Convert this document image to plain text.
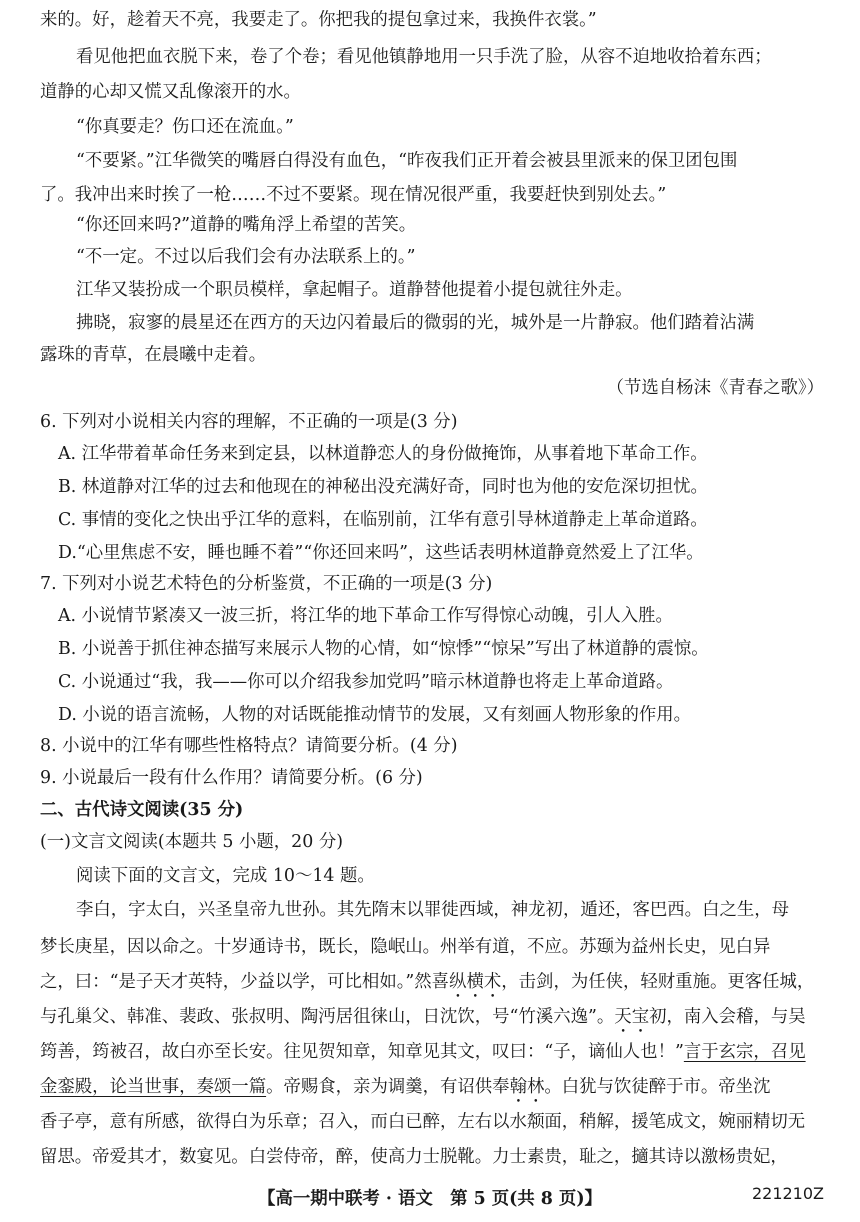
来的。好，趁着天不亮，我要走了。你把我的提包拿过来，我换件衣裳。”
看见他把血衣脱下来，卷了个卷；看见他镇静地用一只手洗了脸，从容不迫地收拾着东西；
道静的心却又慌又乱像滚开的水。
“你真要走？伤口还在流血。”
“不要紧。”江华微笑的嘴唇白得没有血色，“昨夜我们正开着会被县里派来的保卫团包围
了。我冲出来时挨了一枪……不过不要紧。现在情况很严重，我要赶快到别处去。”
“你还回来吗?”道静的嘴角浮上希望的苦笑。
“不一定。不过以后我们会有办法联系上的。”
江华又装扮成一个职员模样，拿起帽子。道静替他提着小提包就往外走。
拂晓，寂寥的晨星还在西方的天边闪着最后的微弱的光，城外是一片静寂。他们踏着沾满
露珠的青草，在晨曦中走着。
（节选自杨沫《青春之歌》）
6. 下列对小说相关内容的理解，不正确的一项是(3 分)
A. 江华带着革命任务来到定县，以林道静恋人的身份做掩饰，从事着地下革命工作。
B. 林道静对江华的过去和他现在的神秘出没充满好奇，同时也为他的安危深切担忧。
C. 事情的变化之快出乎江华的意料，在临别前，江华有意引导林道静走上革命道路。
D.“心里焦虑不安，睡也睡不着”“你还回来吗”，这些话表明林道静竟然爱上了江华。
7. 下列对小说艺术特色的分析鉴赏，不正确的一项是(3 分)
A. 小说情节紧凑又一波三折，将江华的地下革命工作写得惊心动魄，引人入胜。
B. 小说善于抓住神态描写来展示人物的心情，如“惊悸”“惊呆”写出了林道静的震惊。
C. 小说通过“我，我——你可以介绍我参加党吗”暗示林道静也将走上革命道路。
D. 小说的语言流畅，人物的对话既能推动情节的发展，又有刻画人物形象的作用。
8. 小说中的江华有哪些性格特点？请简要分析。(4 分)
9. 小说最后一段有什么作用？请简要分析。(6 分)
二、古代诗文阅读(35 分)
(一)文言文阅读(本题共 5 小题，20 分)
阅读下面的文言文，完成 10～14 题。
李白，字太白，兴圣皇帝九世孙。其先隋末以罪徙西域，神龙初，遁还，客巴西。白之生，母
梦长庚星，因以命之。十岁通诗书，既长，隐岷山。州举有道，不应。苏颋为益州长史，见白异
之，曰：“是子天才英特，少益以学，可比相如。”然喜纵横术，击剑，为任侠，轻财重施。更客任城，
与孔巢父、韩准、裴政、张叔明、陶沔居徂徕山，日沈饮，号“竹溪六逸”。天宝初，南入会稽，与吴
筠善，筠被召，故白亦至长安。往见贺知章，知章见其文，叹曰：“子，谪仙人也！”言于玄宗，召见
金銮殿，论当世事，奏颂一篇。帝赐食，亲为调羹，有诏供奉翰林。白犹与饮徒醉于市。帝坐沈
香子亭，意有所感，欲得白为乐章；召入，而白已醉，左右以水颒面，稍解，援笔成文，婉丽精切无
留思。帝爱其才，数宴见。白尝侍帝，醉，使高力士脱靴。力士素贵，耻之，擿其诗以激杨贵妃，
【高一期中联考 · 语文　第 5 页(共 8 页)】	221210Z
